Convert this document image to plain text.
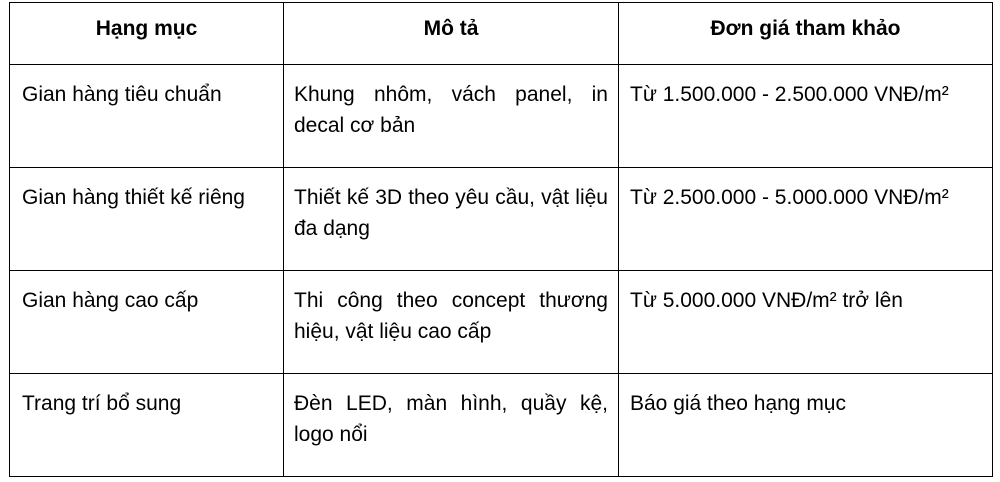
Hạng mục	Mô tả	Đơn giá tham khảo
Gian hàng tiêu chuẩn	Khung nhôm, vách panel, in decal cơ bản	Từ 1.500.000 - 2.500.000 VNĐ/m²
Gian hàng thiết kế riêng	Thiết kế 3D theo yêu cầu, vật liệu đa dạng	Từ 2.500.000 - 5.000.000 VNĐ/m²
Gian hàng cao cấp	Thi công theo concept thương hiệu, vật liệu cao cấp	Từ 5.000.000 VNĐ/m² trở lên
Trang trí bổ sung	Đèn LED, màn hình, quầy kệ, logo nổi	Báo giá theo hạng mục
